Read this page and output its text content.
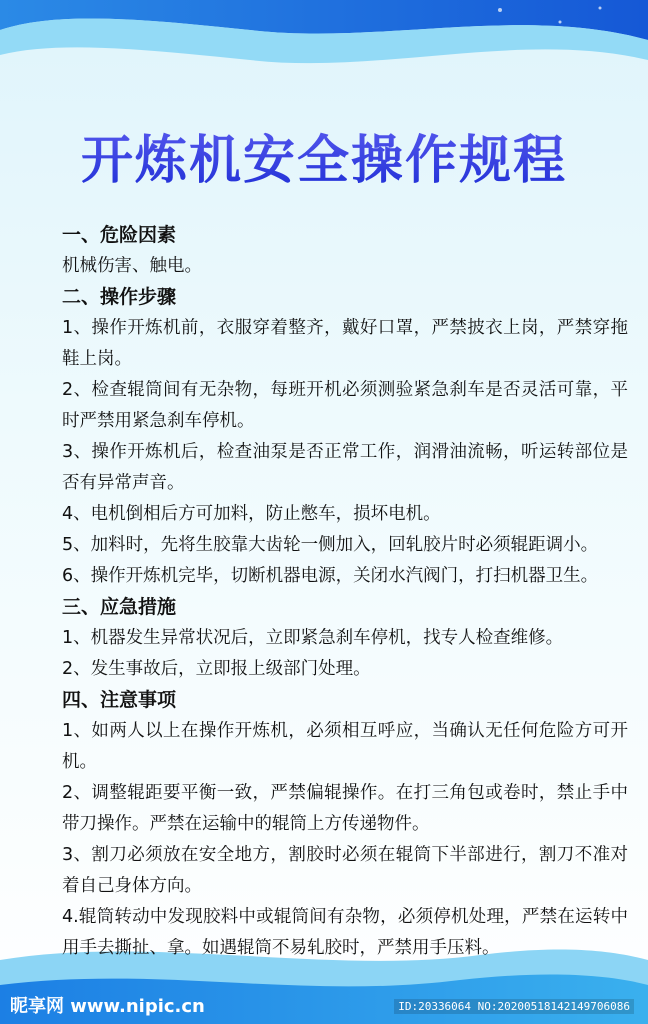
开炼机安全操作规程
一、危险因素
机械伤害、触电。
二、操作步骤
1、操作开炼机前，衣服穿着整齐，戴好口罩，严禁披衣上岗，严禁穿拖鞋上岗。
2、检查辊筒间有无杂物，每班开机必须测验紧急刹车是否灵活可靠，平时严禁用紧急刹车停机。
3、操作开炼机后，检查油泵是否正常工作，润滑油流畅，听运转部位是否有异常声音。
4、电机倒相后方可加料，防止憋车，损坏电机。
5、加料时，先将生胶靠大齿轮一侧加入，回轧胶片时必须辊距调小。
6、操作开炼机完毕，切断机器电源，关闭水汽阀门，打扫机器卫生。
三、应急措施
1、机器发生异常状况后，立即紧急刹车停机，找专人检查维修。
2、发生事故后，立即报上级部门处理。
四、注意事项
1、如两人以上在操作开炼机，必须相互呼应，当确认无任何危险方可开机。
2、调整辊距要平衡一致，严禁偏辊操作。在打三角包或卷时，禁止手中带刀操作。严禁在运输中的辊筒上方传递物件。
3、割刀必须放在安全地方，割胶时必须在辊筒下半部进行，割刀不准对着自己身体方向。
4.辊筒转动中发现胶料中或辊筒间有杂物，必须停机处理，严禁在运转中用手去撕扯、拿。如遇辊筒不易轧胶时，严禁用手压料。
昵享网 www.nipic.cn	ID:20336064 NO:20200518142149706086
